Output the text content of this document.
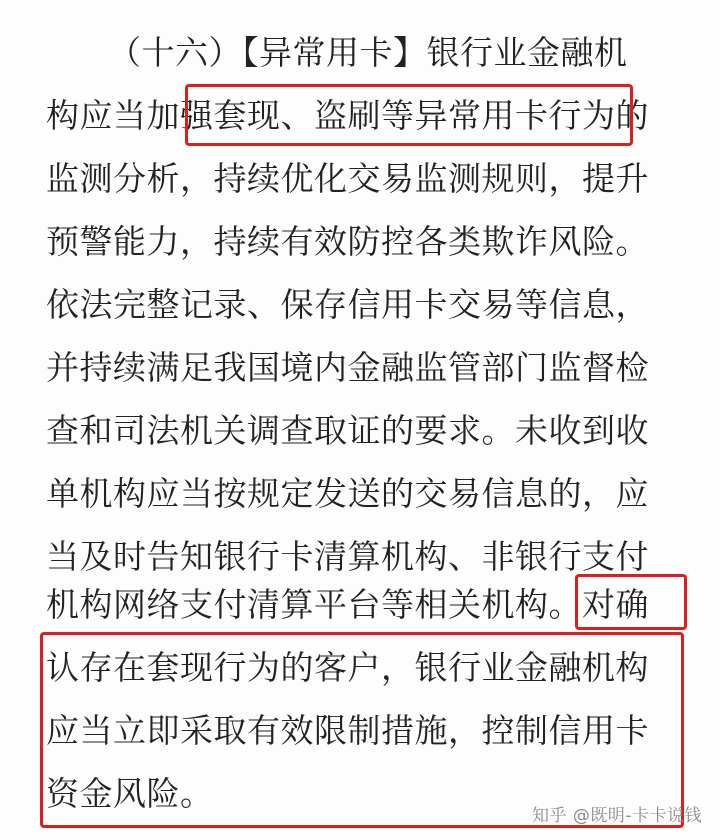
（十六）【异常用卡】银行业金融机
构应当加强套现、盗刷等异常用卡行为的
监测分析，持续优化交易监测规则，提升
预警能力，持续有效防控各类欺诈风险。
依法完整记录、保存信用卡交易等信息，
并持续满足我国境内金融监管部门监督检
查和司法机关调查取证的要求。未收到收
单机构应当按规定发送的交易信息的，应
当及时告知银行卡清算机构、非银行支付
机构网络支付清算平台等相关机构。对确
认存在套现行为的客户，银行业金融机构
应当立即采取有效限制措施，控制信用卡
资金风险。
知乎 @既明-卡卡说钱
